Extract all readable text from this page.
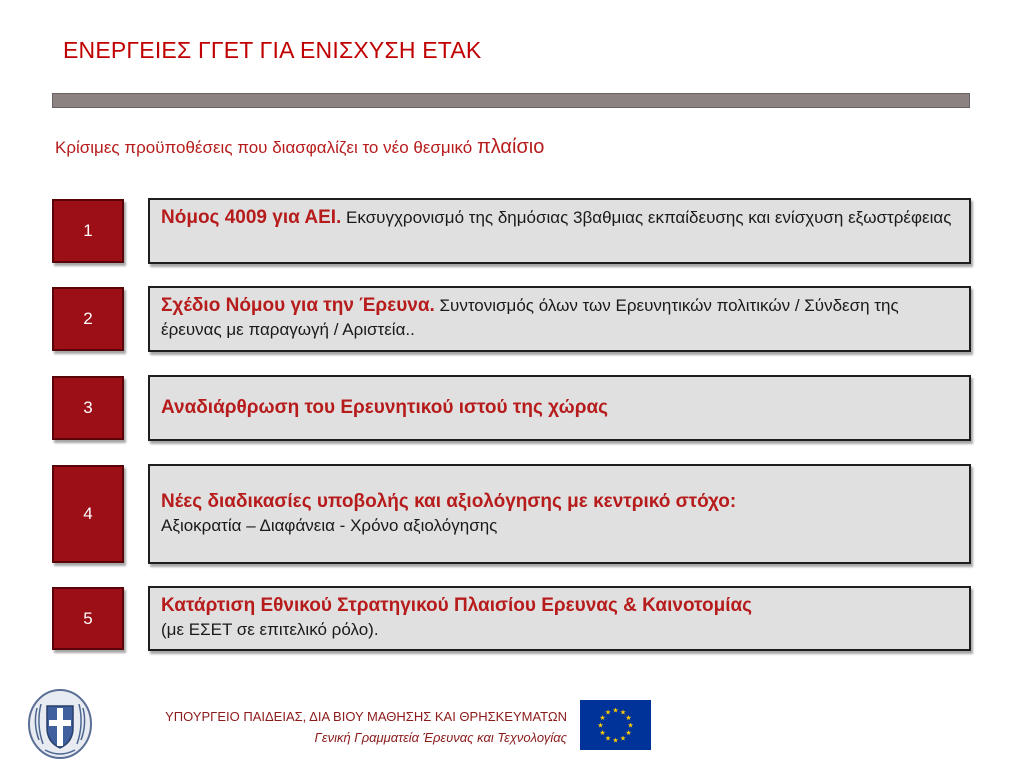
ΕΝΕΡΓΕΙΕΣ ΓΓΕΤ ΓΙΑ ΕΝΙΣΧΥΣΗ ΕΤΑΚ
Κρίσιμες προϋποθέσεις που διασφαλίζει το νέο θεσμικό πλαίσιο
1
Νόμος 4009 για ΑΕΙ. Εκσυγχρονισμό της δημόσιας 3βαθμιας εκπαίδευσης και ενίσχυση εξωστρέφειας
2
Σχέδιο Νόμου για την Έρευνα. Συντονισμός όλων των Ερευνητικών πολιτικών / Σύνδεση της έρευνας με παραγωγή / Αριστεία..
3	Αναδιάρθρωση του Ερευνητικού ιστού της χώρας
4
Νέες διαδικασίες υποβολής και αξιολόγησης με κεντρικό στόχο:
Αξιοκρατία – Διαφάνεια - Χρόνο αξιολόγησης
5
Κατάρτιση Εθνικού Στρατηγικού Πλαισίου Ερευνας & Καινοτομίας
(με ΕΣΕΤ σε επιτελικό ρόλο).
ΥΠΟΥΡΓΕΙΟ ΠΑΙΔΕΙΑΣ, ΔΙΑ ΒΙΟΥ ΜΑΘΗΣΗΣ ΚΑΙ ΘΡΗΣΚΕΥΜΑΤΩΝ
Γενική Γραμματεία Έρευνας και Τεχνολογίας
★ ★
★
★
★
★
★
★
★
★
★
★
